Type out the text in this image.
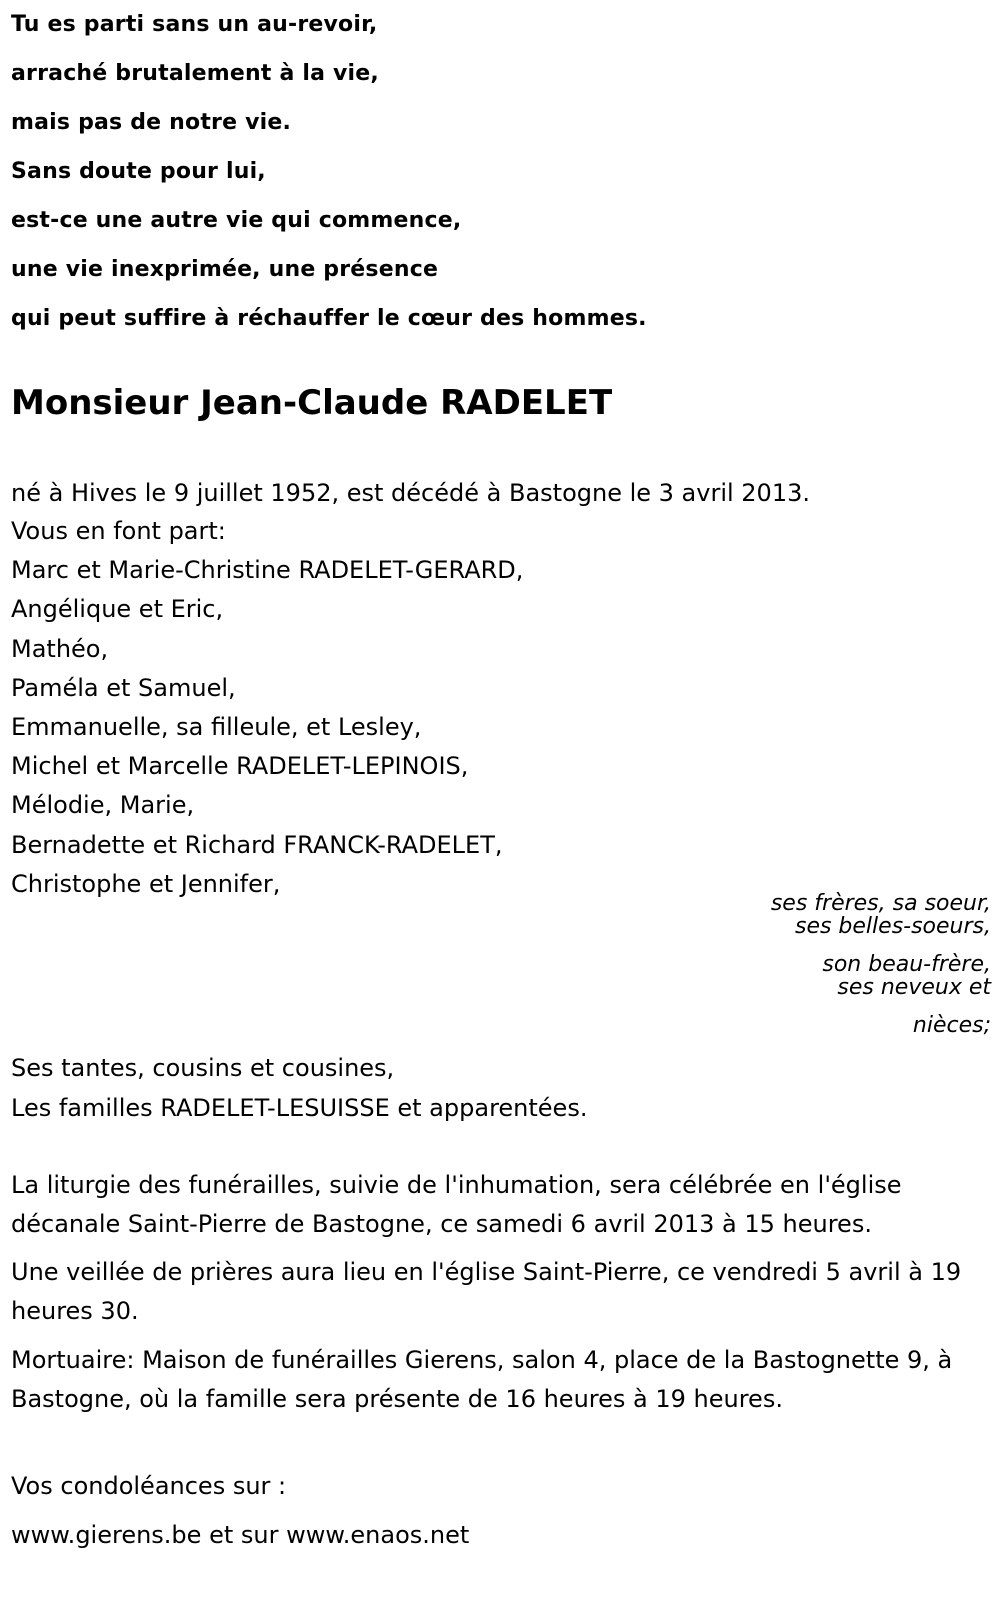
Tu es parti sans un au-revoir,
arraché brutalement à la vie,
mais pas de notre vie.
Sans doute pour lui,
est-ce une autre vie qui commence,
une vie inexprimée, une présence
qui peut suffire à réchauffer le cœur des hommes.
Monsieur Jean-Claude RADELET

né à Hives le 9 juillet 1952, est décédé à Bastogne le 3 avril 2013.

Vous en font part:
Marc et Marie-Christine RADELET-GERARD,
Angélique et Eric,
Mathéo,
Paméla et Samuel,
Emmanuelle, sa filleule, et Lesley,
Michel et Marcelle RADELET-LEPINOIS,
Mélodie, Marie,
Bernadette et Richard FRANCK-RADELET,
Christophe et Jennifer,
ses frères, sa soeur,
ses belles-soeurs,
son beau-frère,
ses neveux et
nièces;
Ses tantes, cousins et cousines,
Les familles RADELET-LESUISSE et apparentées.

La liturgie des funérailles, suivie de l'inhumation, sera célébrée en l'église décanale Saint-Pierre de Bastogne, ce samedi 6 avril 2013 à 15 heures.

Une veillée de prières aura lieu en l'église Saint-Pierre, ce vendredi 5 avril à 19 heures 30.

Mortuaire: Maison de funérailles Gierens, salon 4, place de la Bastognette 9, à Bastogne, où la famille sera présente de 16 heures à 19 heures.

Vos condoléances sur :

www.gierens.be et sur www.enaos.net
